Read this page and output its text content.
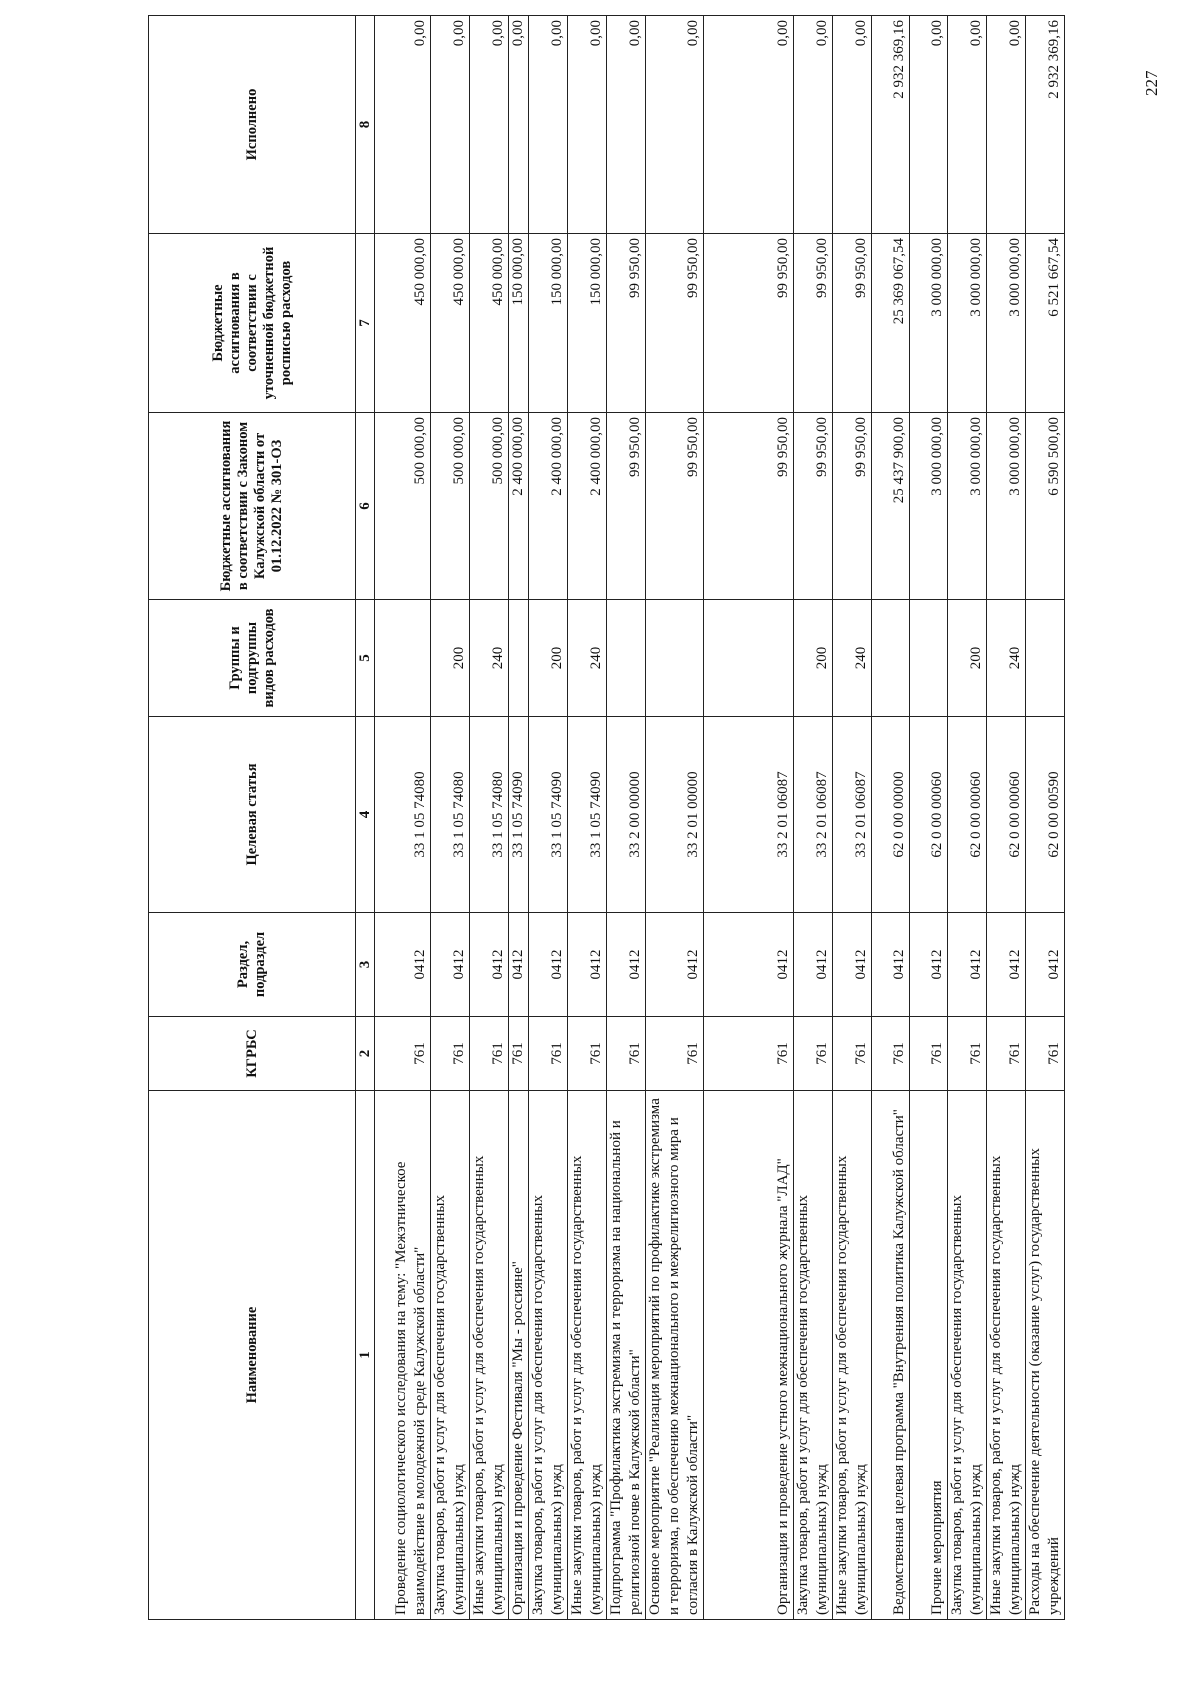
227
Наименование	КГРБС	Раздел, подраздел	Целевая статья	Группы и подгруппы видов расходов	Бюджетные ассигнования в соответствии с Законом Калужской области от 01.12.2022 № 301-ОЗ	Бюджетные ассигнования в соответствии с уточненной бюджетной росписью расходов	Исполнено
1	2	3	4	5	6	7	8
Проведение социологического исследования на тему: "Межэтническое взаимодействие в молодежной среде Калужской области"	761	0412	33 1 05 74080		500 000,00	450 000,00	0,00
Закупка товаров, работ и услуг для обеспечения государственных (муниципальных) нужд	761	0412	33 1 05 74080	200	500 000,00	450 000,00	0,00
Иные закупки товаров, работ и услуг для обеспечения государственных (муниципальных) нужд	761	0412	33 1 05 74080	240	500 000,00	450 000,00	0,00
Организация и проведение Фестиваля "Мы - россияне"	761	0412	33 1 05 74090		2 400 000,00	150 000,00	0,00
Закупка товаров, работ и услуг для обеспечения государственных (муниципальных) нужд	761	0412	33 1 05 74090	200	2 400 000,00	150 000,00	0,00
Иные закупки товаров, работ и услуг для обеспечения государственных (муниципальных) нужд	761	0412	33 1 05 74090	240	2 400 000,00	150 000,00	0,00
Подпрограмма "Профилактика экстремизма и терроризма на национальной и религиозной почве в Калужской области"	761	0412	33 2 00 00000		99 950,00	99 950,00	0,00
Основное мероприятие "Реализация мероприятий по профилактике экстремизма и терроризма, по обеспечению межнационального и межрелигиозного мира и согласия в Калужской области"	761	0412	33 2 01 00000		99 950,00	99 950,00	0,00
Организация и проведение устного межнационального журнала "ЛАД"	761	0412	33 2 01 06087		99 950,00	99 950,00	0,00
Закупка товаров, работ и услуг для обеспечения государственных (муниципальных) нужд	761	0412	33 2 01 06087	200	99 950,00	99 950,00	0,00
Иные закупки товаров, работ и услуг для обеспечения государственных (муниципальных) нужд	761	0412	33 2 01 06087	240	99 950,00	99 950,00	0,00
Ведомственная целевая программа "Внутренняя политика Калужской области"	761	0412	62 0 00 00000		25 437 900,00	25 369 067,54	2 932 369,16
Прочие мероприятия	761	0412	62 0 00 00060		3 000 000,00	3 000 000,00	0,00
Закупка товаров, работ и услуг для обеспечения государственных (муниципальных) нужд	761	0412	62 0 00 00060	200	3 000 000,00	3 000 000,00	0,00
Иные закупки товаров, работ и услуг для обеспечения государственных (муниципальных) нужд	761	0412	62 0 00 00060	240	3 000 000,00	3 000 000,00	0,00
Расходы на обеспечение деятельности (оказание услуг) государственных учреждений	761	0412	62 0 00 00590		6 590 500,00	6 521 667,54	2 932 369,16
